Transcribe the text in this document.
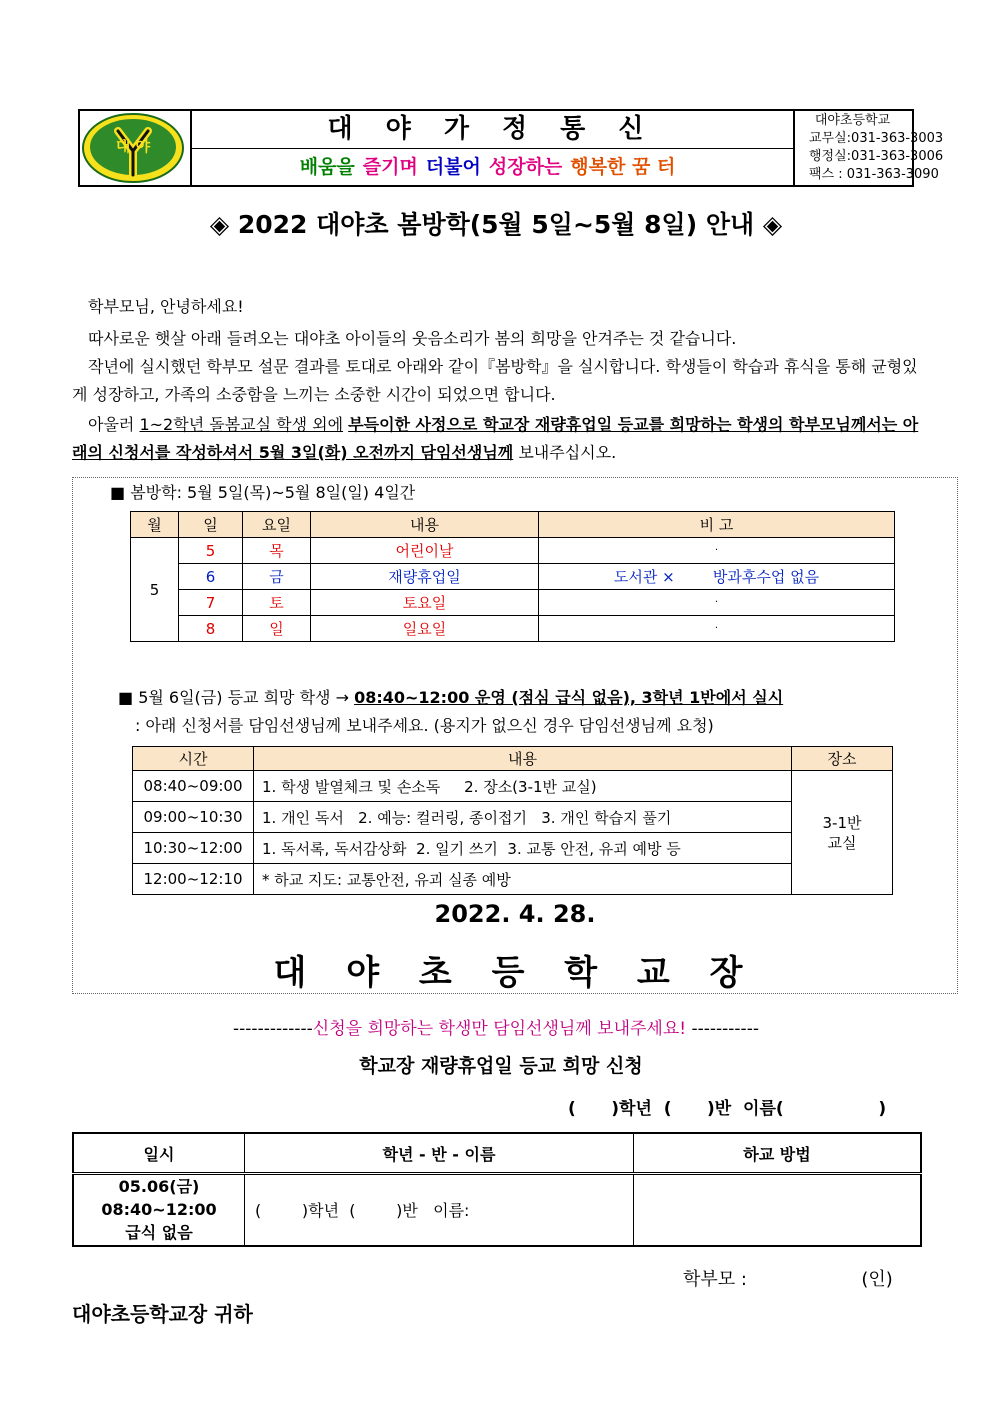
대 야
대 야 가 정 통 신
배움을 즐기며 더불어 성장하는 행복한 꿈 터
대야초등학교
교무실:031-363-3003
행정실:031-363-3006
팩스 : 031-363-3090
◈ 2022 대야초 봄방학(5월 5일~5월 8일) 안내 ◈

학부모님, 안녕하세요!

따사로운 햇살 아래 들려오는 대야초 아이들의 웃음소리가 봄의 희망을 안겨주는 것 같습니다.

작년에 실시했던 학부모 설문 결과를 토대로 아래와 같이『봄방학』을 실시합니다. 학생들이 학습과 휴식을 통해 균형있게 성장하고, 가족의 소중함을 느끼는 소중한 시간이 되었으면 합니다.

아울러 1~2학년 돌봄교실 학생 외에 부득이한 사정으로 학교장 재량휴업일 등교를 희망하는 학생의 학부모님께서는 아래의 신청서를 작성하셔서 5월 3일(화) 오전까지 담임선생님께 보내주십시오.

■ 봄방학: 5월 5일(목)~5월 8일(일) 4일간
월	일	요일	내용	비 고
5	5	목	어린이날	·
	6	금	재량휴업일	도서관 ×        방과후수업 없음
	7	토	토요일	·
	8	일	일요일	·
■ 5월 6일(금) 등교 희망 학생 → 08:40~12:00 운영 (점심 급식 없음), 3학년 1반에서 실시
: 아래 신청서를 담임선생님께 보내주세요. (용지가 없으신 경우 담임선생님께 요청)
시간	내용	장소
08:40~09:00	1. 학생 발열체크 및 손소독     2. 장소(3-1반 교실)	3-1반
교실
09:00~10:30	1. 개인 독서   2. 예능: 컬러링, 종이접기   3. 개인 학습지 풀기	
10:30~12:00	1. 독서록, 독서감상화  2. 일기 쓰기  3. 교통 안전, 유괴 예방 등	
12:00~12:10	* 하교 지도: 교통안전, 유괴 실종 예방	
2022. 4. 28.
대 야 초 등 학 교 장
-------------신청을 희망하는 학생만 담임선생님께 보내주세요! -----------
학교장 재량휴업일 등교 희망 신청
(      )학년  (      )반  이름(                )
일시	학년 - 반 - 이름	하교 방법

05.06(금)
08:40~12:00
급식 없음	(        )학년  (        )반   이름:	
학부모 :                    (인)
대야초등학교장 귀하
